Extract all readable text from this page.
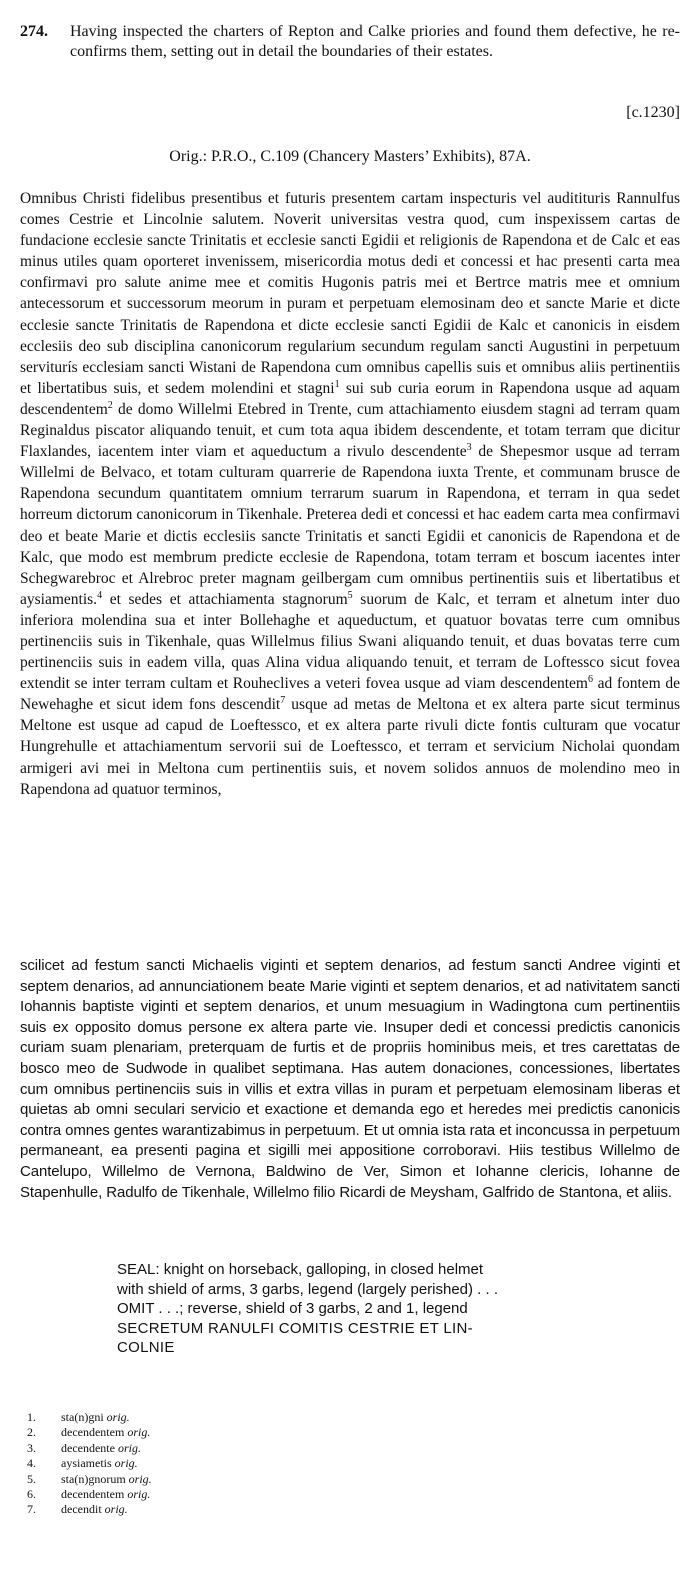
274. Having inspected the charters of Repton and Calke priories and found them defective, he re-confirms them, setting out in detail the boundaries of their estates.
[c.1230]
Orig.: P.R.O., C.109 (Chancery Masters’ Exhibits), 87A.

Omnibus Christi fidelibus presentibus et futuris presentem cartam inspecturis vel auditituris Rannulfus comes Cestrie et Lincolnie salutem. Noverit universitas vestra quod, cum inspexissem cartas de fundacione ecclesie sancte Trinitatis et ecclesie sancti Egidii et religionis de Rapendona et de Calc et eas minus utiles quam oporteret invenissem, misericordia motus dedi et concessi et hac presenti carta mea confirmavi pro salute anime mee et comitis Hugonis patris mei et Bertrce matris mee et omnium antecessorum et successorum meorum in puram et perpetuam elemosinam deo et sancte Marie et dicte ecclesie sancte Trinitatis de Rapendona et dicte ecclesie sancti Egidii de Kalc et canonicis in eisdem ecclesiis deo sub disciplina canonicorum regularium secundum regulam sancti Augustini in perpetuum serviturís ecclesiam sancti Wistani de Rapendona cum omnibus capellis suis et omnibus aliis pertinentiis et libertatibus suis, et sedem molendini et stagni$^1$ sui sub curia eorum in Rapendona usque ad aquam descendentem$^2$ de domo Willelmi Etebred in Trente, cum attachiamento eiusdem stagni ad terram quam Reginaldus piscator aliquando tenuit, et cum tota aqua ibidem descendente, et totam terram que dicitur Flaxlandes, iacentem inter viam et aqueductum a rivulo descendente$^3$ de Shepesmor usque ad terram Willelmi de Belvaco, et totam culturam quarrerie de Rapendona iuxta Trente, et communam brusce de Rapendona secundum quantitatem omnium terrarum suarum in Rapendona, et terram in qua sedet horreum dictorum canonicorum in Tikenhale. Preterea dedi et concessi et hac eadem carta mea confirmavi deo et beate Marie et dictis ecclesiis sancte Trinitatis et sancti Egidii et canonicis de Rapendona et de Kalc, que modo est membrum predicte ecclesie de Rapendona, totam terram et boscum iacentes inter Schegwarebroc et Alrebroc preter magnam geilbergam cum omnibus pertinentiis suis et libertatibus et aysiamentis.$^4$ et sedes et attachiamenta stagnorum$^5$ suorum de Kalc, et terram et alnetum inter duo inferiora molendina sua et inter Bollehaghe et aqueductum, et quatuor bovatas terre cum omnibus pertinenciis suis in Tikenhale, quas Willelmus filius Swani aliquando tenuit, et duas bovatas terre cum pertinenciis suis in eadem villa, quas Alina vidua aliquando tenuit, et terram de Loftessco sicut fovea extendit se inter terram cultam et Rouheclives a veteri fovea usque ad viam descendentem$^6$ ad fontem de Newehaghe et sicut idem fons descendit$^7$ usque ad metas de Meltona et ex altera parte sicut terminus Meltone est usque ad capud de Loeftessco, et ex altera parte rivuli dicte fontis culturam que vocatur Hungrehulle et attachiamentum servorii sui de Loeftessco, et terram et servicium Nicholai quondam armigeri avi mei in Meltona cum pertinentiis suis, et novem solidos annuos de molendino meo in Rapendona ad quatuor terminos,

scilicet ad festum sancti Michaelis viginti et septem denarios, ad festum sancti Andree viginti et septem denarios, ad annunciationem beate Marie viginti et septem denarios, et ad nativitatem sancti Iohannis baptiste viginti et septem denarios, et unum mesuagium in Wadingtona cum pertinentiis suis ex opposito domus persone ex altera parte vie. Insuper dedi et concessi predictis canonicis curiam suam plenariam, preterquam de furtis et de propriis hominibus meis, et tres carettatas de bosco meo de Sudwode in qualibet septimana. Has autem donaciones, concessiones, libertates cum omnibus pertinenciis suis in villis et extra villas in puram et perpetuam elemosinam liberas et quietas ab omni seculari servicio et exactione et demanda ego et heredes mei predictis canonicis contra omnes gentes warantizabimus in perpetuum. Et ut omnia ista rata et inconcussa in perpetuum permaneant, ea presenti pagina et sigilli mei appositione corroboravi. Hiis testibus Willelmo de Cantelupo, Willelmo de Vernona, Baldwino de Ver, Simon et Iohanne clericis, Iohanne de Stapenhulle, Radulfo de Tikenhale, Willelmo filio Ricardi de Meysham, Galfrido de Stantona, et aliis.

SEAL: knight on horseback, galloping, in closed helmet
with shield of arms, 3 garbs, legend (largely perished) . . .
OMIT . . .; reverse, shield of 3 garbs, 2 and 1, legend
SECRETUM RANULFI COMITIS CESTRIE ET LIN-
COLNIE
1.	sta(n)gni orig.
2.	decendentem orig.
3.	decendente orig.
4.	aysiametis orig.
5.	sta(n)gnorum orig.
6.	decendentem orig.
7.	decendit orig.
